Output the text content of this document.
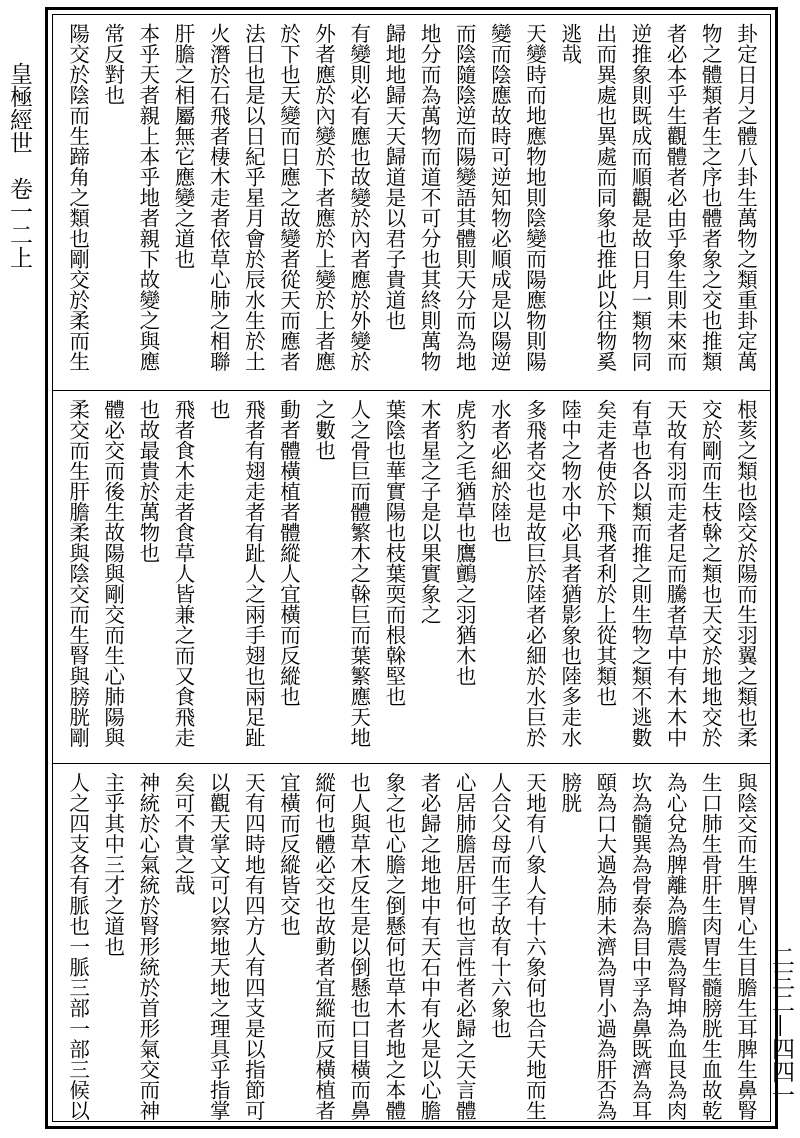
皇極經世　卷一二上
二三二—四四一
卦定日月之體八卦生萬物之類重卦定萬
物之體類者生之序也體者象之交也推類
者必本乎生觀體者必由乎象生則未來而
逆推象則既成而順觀是故日月一類物同
出而異處也異處而同象也推此以往物奚
逃哉
天變時而地應物地則陰變而陽應物則陽
變而陰應故時可逆知物必順成是以陽逆
而陰隨陰逆而陽變語其體則天分而為地
地分而為萬物而道不可分也其終則萬物
歸地地歸天天歸道是以君子貴道也
有變則必有應也故變於內者應於外變於
外者應於內變於下者應於上變於上者應
於下也天變而日應之故變者從天而應者
法日也是以日紀乎星月會於辰水生於土
火潛於石飛者棲木走者依草心肺之相聯
肝膽之相屬無它應變之道也
本乎天者親上本乎地者親下故變之與應
常反對也
陽交於陰而生蹄角之類也剛交於柔而生
根荄之類也陰交於陽而生羽翼之類也柔
交於剛而生枝榦之類也天交於地地交於
天故有羽而走者足而騰者草中有木木中
有草也各以類而推之則生物之類不逃數
矣走者使於下飛者利於上從其類也
陸中之物水中必具者猶影象也陸多走水
多飛者交也是故巨於陸者必細於水巨於
水者必細於陸也
虎豹之毛猶草也鷹鸇之羽猶木也
木者星之子是以果實象之
葉陰也華實陽也枝葉耎而根榦堅也
人之骨巨而體繁木之榦巨而葉繁應天地
之數也
動者體橫植者體縱人宜橫而反縱也
飛者有翅走者有趾人之兩手翅也兩足趾
也
飛者食木走者食草人皆兼之而又食飛走
也故最貴於萬物也
體必交而後生故陽與剛交而生心肺陽與
柔交而生肝膽柔與陰交而生腎與膀胱剛
與陰交而生脾胃心生目膽生耳脾生鼻腎
生口肺生骨肝生肉胃生髓膀胱生血故乾
為心兌為脾離為膽震為腎坤為血艮為肉
坎為髓巽為骨泰為目中孚為鼻既濟為耳
頤為口大過為肺未濟為胃小過為肝否為
膀胱
天地有八象人有十六象何也合天地而生
人合父母而生子故有十六象也
心居肺膽居肝何也言性者必歸之天言體
者必歸之地地中有天石中有火是以心膽
象之也心膽之倒懸何也草木者地之本體
也人與草木反生是以倒懸也口目橫而鼻
縱何也體必交也故動者宜縱而反橫植者
宜橫而反縱皆交也
天有四時地有四方人有四支是以指節可
以觀天掌文可以察地天地之理具乎指掌
矣可不貴之哉
神統於心氣統於腎形統於首形氣交而神
主乎其中三才之道也
人之四支各有脈也一脈三部一部三候以
